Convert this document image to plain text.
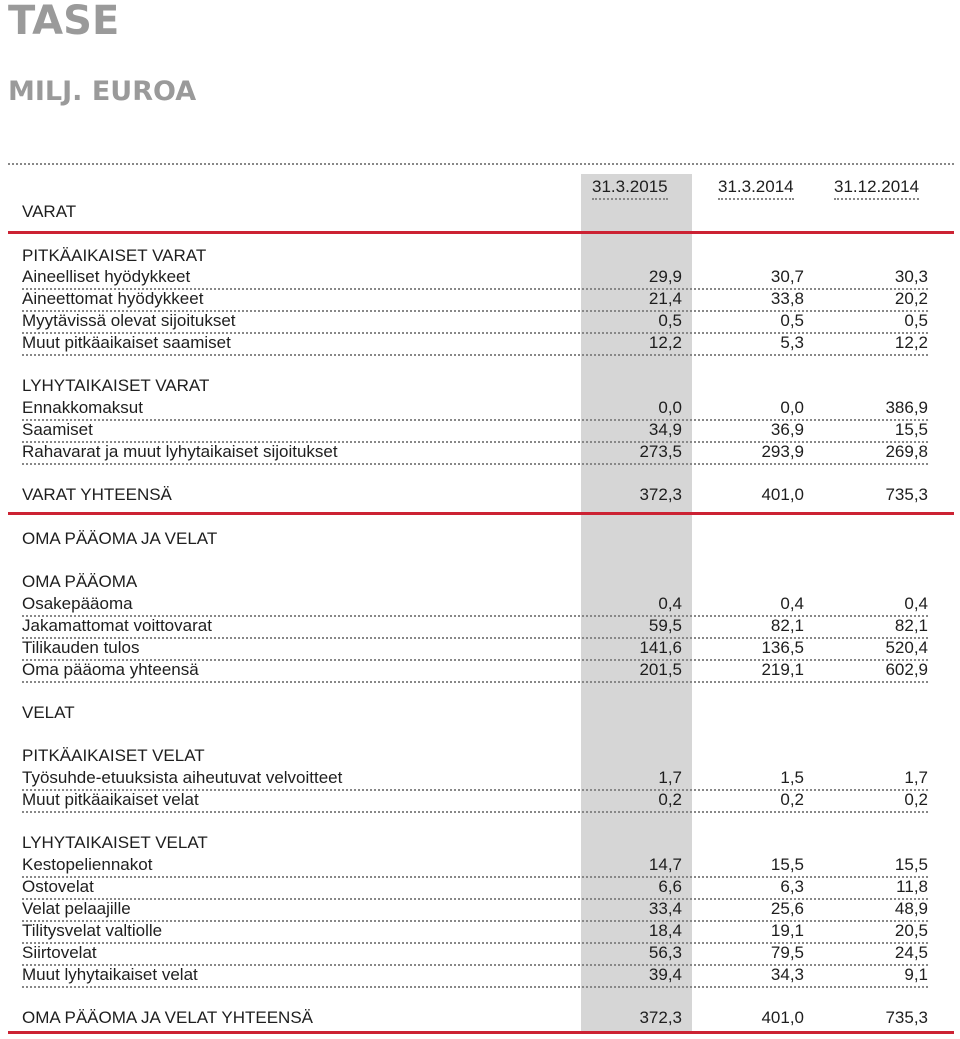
TASE
MILJ. EUROA
31.3.2015	31.3.2014 31.12.2014
VARAT
PITKÄAIKAISET VARAT
Aineelliset hyödykkeet	29,9	30,7	30,3
Aineettomat hyödykkeet	21,4	33,8	20,2
Myytävissä olevat sijoitukset	0,5	0,5	0,5
Muut pitkäaikaiset saamiset	12,2	5,3	12,2
LYHYTAIKAISET VARAT
Ennakkomaksut	0,0	0,0	386,9
Saamiset	34,9	36,9	15,5
Rahavarat ja muut lyhytaikaiset sijoitukset	273,5	293,9	269,8
VARAT YHTEENSÄ	372,3	401,0	735,3
OMA PÄÄOMA JA VELAT
OMA PÄÄOMA
Osakepääoma	0,4	0,4	0,4
Jakamattomat voittovarat	59,5	82,1	82,1
Tilikauden tulos	141,6	136,5	520,4
Oma pääoma yhteensä	201,5	219,1	602,9
VELAT
PITKÄAIKAISET VELAT
Työsuhde-etuuksista aiheutuvat velvoitteet	1,7	1,5	1,7
Muut pitkäaikaiset velat	0,2	0,2	0,2
LYHYTAIKAISET VELAT
Kestopeliennakot	14,7	15,5	15,5
Ostovelat	6,6	6,3	11,8
Velat pelaajille	33,4	25,6	48,9
Tilitysvelat valtiolle	18,4	19,1	20,5
Siirtovelat	56,3	79,5	24,5
Muut lyhytaikaiset velat	39,4	34,3	9,1
OMA PÄÄOMA JA VELAT YHTEENSÄ	372,3	401,0	735,3
